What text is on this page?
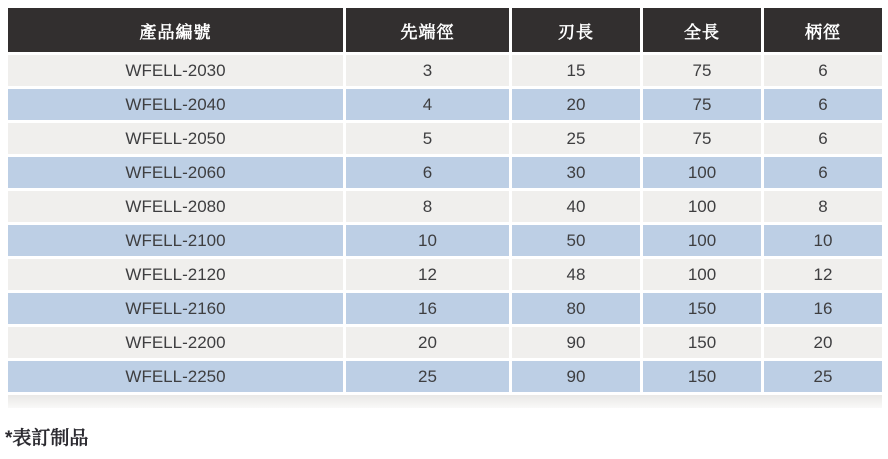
產品編號	先端徑	刃長	全長	柄徑
WFELL-2030	3	15	75	6
WFELL-2040	4	20	75	6
WFELL-2050	5	25	75	6
WFELL-2060	6	30	100	6
WFELL-2080	8	40	100	8
WFELL-2100	10	50	100	10
WFELL-2120	12	48	100	12
WFELL-2160	16	80	150	16
WFELL-2200	20	90	150	20
WFELL-2250	25	90	150	25
*表訂制品
